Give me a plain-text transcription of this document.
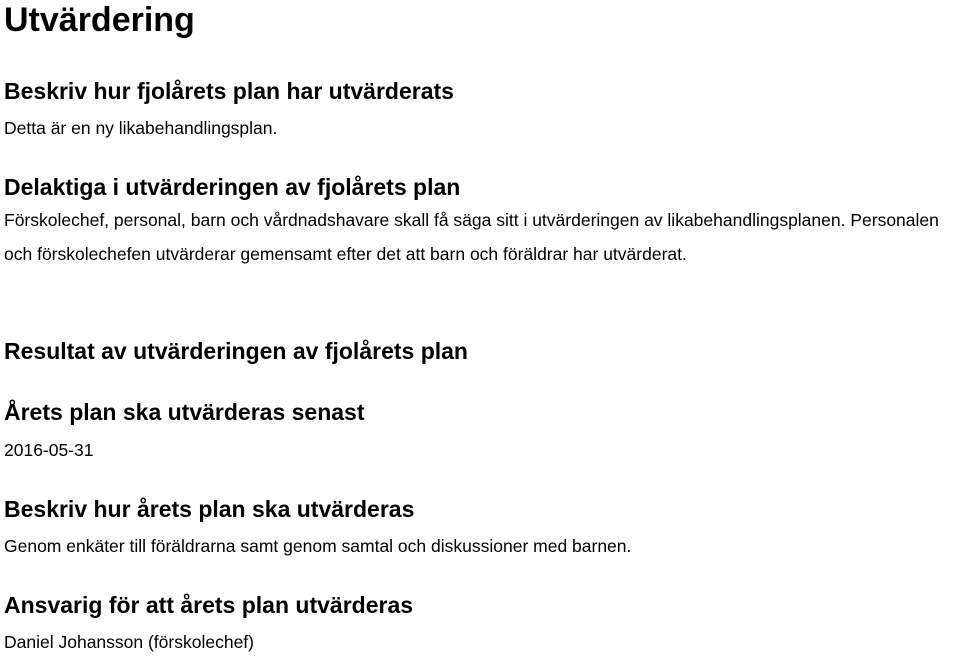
Utvärdering
Beskriv hur fjolårets plan har utvärderats

Detta är en ny likabehandlingsplan.

Delaktiga i utvärderingen av fjolårets plan

Förskolechef, personal, barn och vårdnadshavare skall få säga sitt i utvärderingen av likabehandlingsplanen. Personalen och förskolechefen utvärderar gemensamt efter det att barn och föräldrar har utvärderat.

Resultat av utvärderingen av fjolårets plan
Årets plan ska utvärderas senast

2016-05-31

Beskriv hur årets plan ska utvärderas

Genom enkäter till föräldrarna samt genom samtal och diskussioner med barnen.

Ansvarig för att årets plan utvärderas

Daniel Johansson (förskolechef)
